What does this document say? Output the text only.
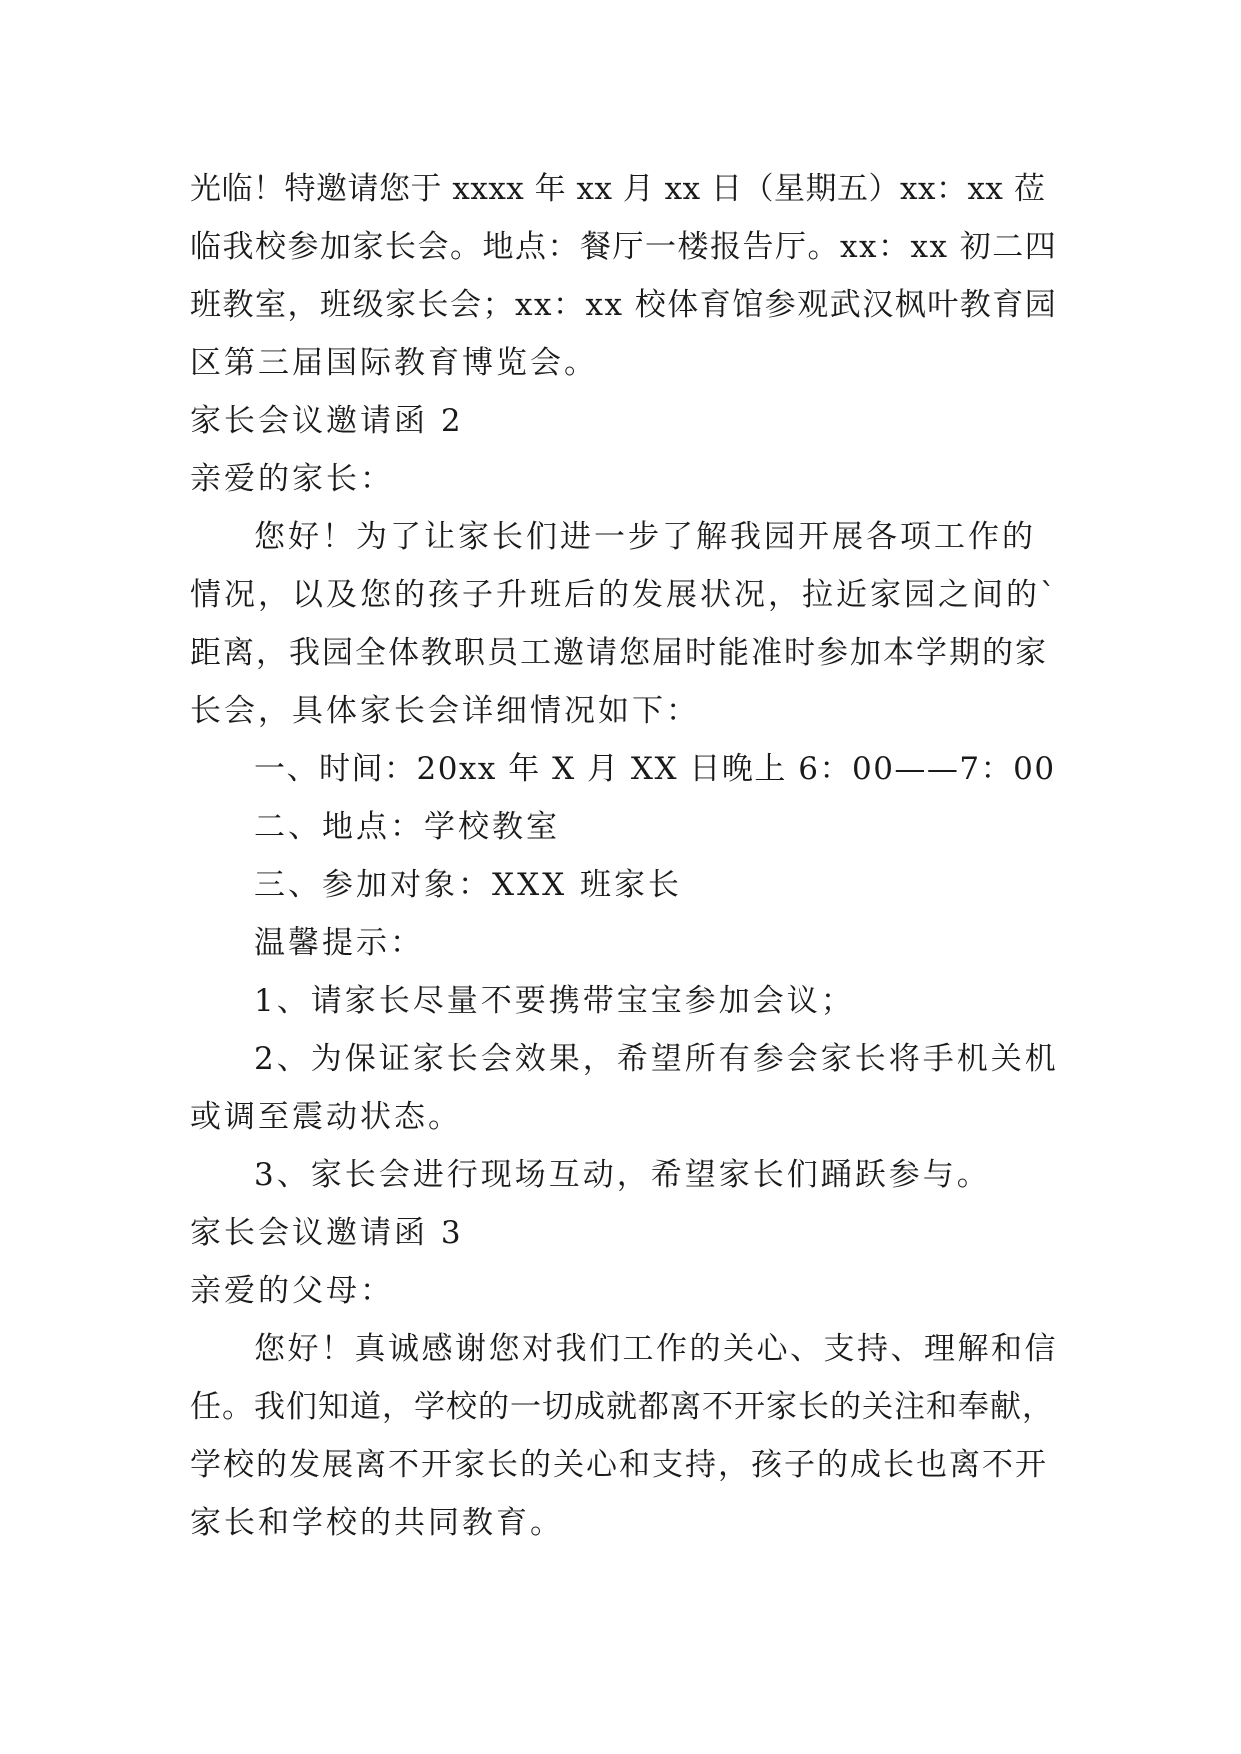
光临！特邀请您于 xxxx 年 xx 月 xx 日（星期五）xx：xx 莅
临我校参加家长会。地点：餐厅一楼报告厅。xx：xx 初二四
班教室，班级家长会；xx：xx 校体育馆参观武汉枫叶教育园
区第三届国际教育博览会。
家长会议邀请函 2
亲爱的家长：
您好！为了让家长们进一步了解我园开展各项工作的
情况，以及您的孩子升班后的发展状况，拉近家园之间的`
距离，我园全体教职员工邀请您届时能准时参加本学期的家
长会，具体家长会详细情况如下：
一、时间：20xx 年 X 月 XX 日晚上 6：00——7：00
二、地点：学校教室
三、参加对象：XXX 班家长
温馨提示：
1、请家长尽量不要携带宝宝参加会议；
2、为保证家长会效果，希望所有参会家长将手机关机
或调至震动状态。
3、家长会进行现场互动，希望家长们踊跃参与。
家长会议邀请函 3
亲爱的父母：
您好！真诚感谢您对我们工作的关心、支持、理解和信
任。我们知道，学校的一切成就都离不开家长的关注和奉献，
学校的发展离不开家长的关心和支持，孩子的成长也离不开
家长和学校的共同教育。
